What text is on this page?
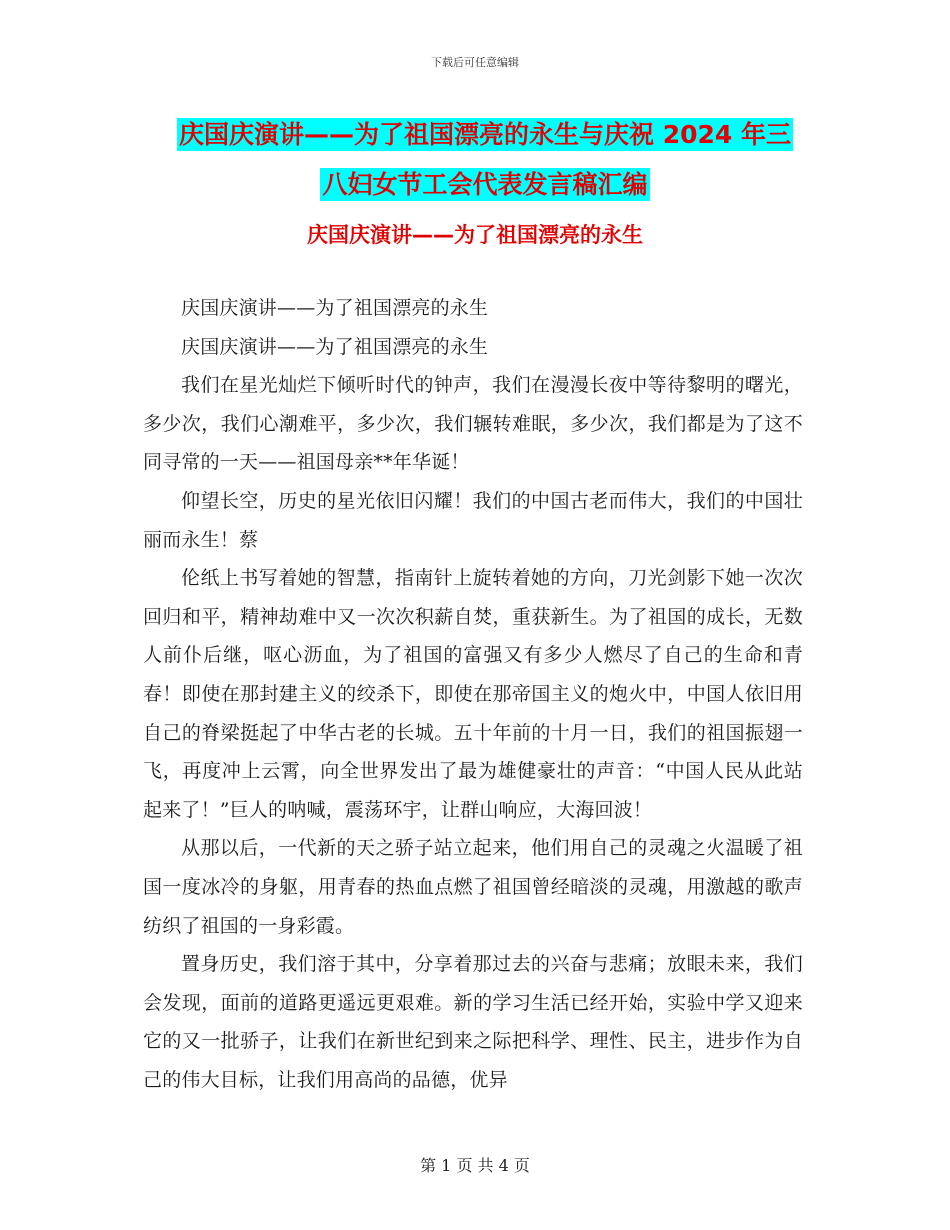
下载后可任意编辑
庆国庆演讲——为了祖国漂亮的永生与庆祝 2024 年三
八妇女节工会代表发言稿汇编
庆国庆演讲——为了祖国漂亮的永生

庆国庆演讲——为了祖国漂亮的永生

庆国庆演讲——为了祖国漂亮的永生

我们在星光灿烂下倾听时代的钟声，我们在漫漫长夜中等待黎明的曙光，多少次，我们心潮难平，多少次，我们辗转难眠，多少次，我们都是为了这不同寻常的一天——祖国母亲**年华诞！

仰望长空，历史的星光依旧闪耀！我们的中国古老而伟大，我们的中国壮丽而永生！蔡

伦纸上书写着她的智慧，指南针上旋转着她的方向，刀光剑影下她一次次回归和平，精神劫难中又一次次积薪自焚，重获新生。为了祖国的成长，无数人前仆后继，呕心沥血，为了祖国的富强又有多少人燃尽了自己的生命和青春！即使在那封建主义的绞杀下，即使在那帝国主义的炮火中，中国人依旧用自己的脊梁挺起了中华古老的长城。五十年前的十月一日，我们的祖国振翅一飞，再度冲上云霄，向全世界发出了最为雄健豪壮的声音：“中国人民从此站起来了！”巨人的呐喊，震荡环宇，让群山响应，大海回波！

从那以后，一代新的天之骄子站立起来，他们用自己的灵魂之火温暖了祖国一度冰冷的身躯，用青春的热血点燃了祖国曾经暗淡的灵魂，用激越的歌声纺织了祖国的一身彩霞。

置身历史，我们溶于其中，分享着那过去的兴奋与悲痛；放眼未来，我们会发现，面前的道路更遥远更艰难。新的学习生活已经开始，实验中学又迎来它的又一批骄子，让我们在新世纪到来之际把科学、理性、民主，进步作为自己的伟大目标，让我们用高尚的品德，优异

第 1 页 共 4 页
